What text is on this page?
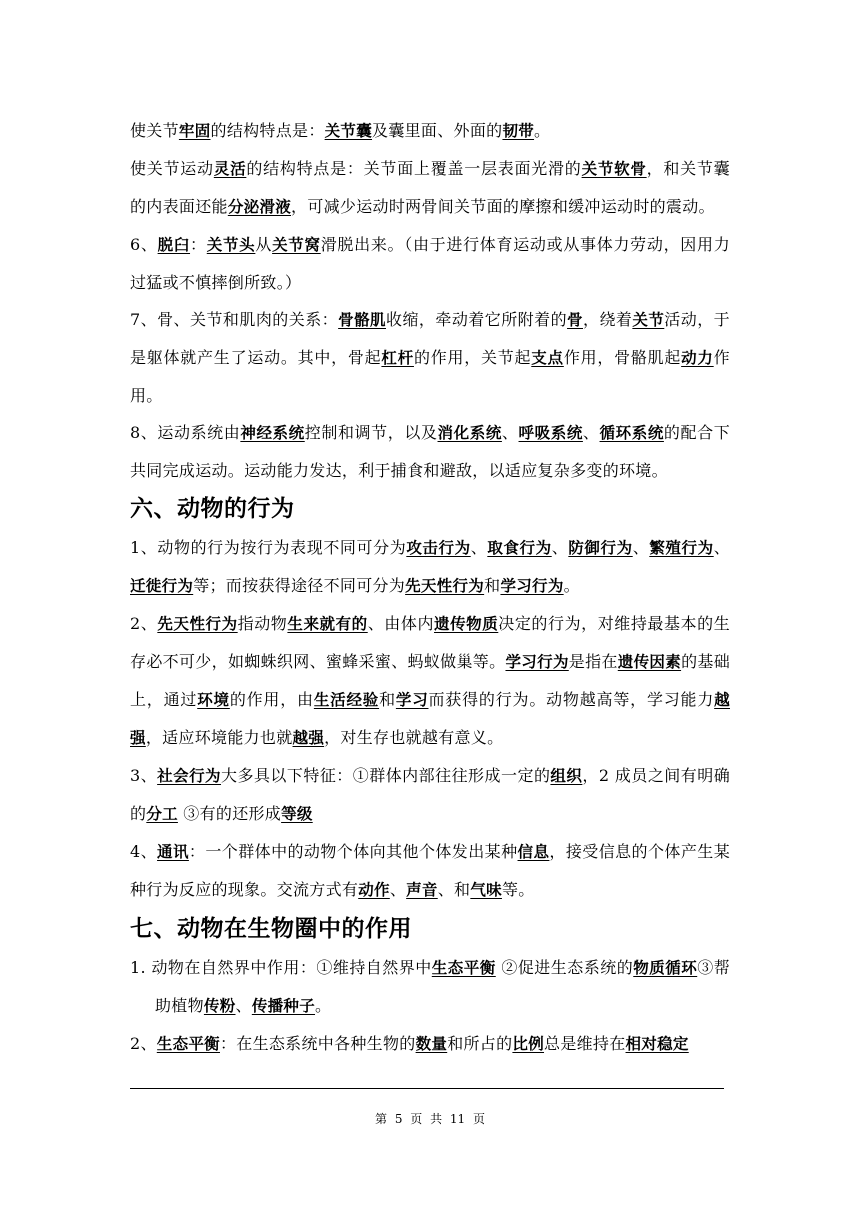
使关节牢固的结构特点是：关节囊及囊里面、外面的韧带。

使关节运动灵活的结构特点是：关节面上覆盖一层表面光滑的关节软骨，和关节囊的内表面还能分泌滑液，可减少运动时两骨间关节面的摩擦和缓冲运动时的震动。

6、脱臼：关节头从关节窝滑脱出来。（由于进行体育运动或从事体力劳动，因用力过猛或不慎摔倒所致。）

7、骨、关节和肌肉的关系：骨骼肌收缩，牵动着它所附着的骨，绕着关节活动，于是躯体就产生了运动。其中，骨起杠杆的作用，关节起支点作用，骨骼肌起动力作用。

8、运动系统由神经系统控制和调节，以及消化系统、呼吸系统、循环系统的配合下共同完成运动。运动能力发达，利于捕食和避敌，以适应复杂多变的环境。

六、动物的行为

1、动物的行为按行为表现不同可分为攻击行为、取食行为、防御行为、繁殖行为、迁徙行为等；而按获得途径不同可分为先天性行为和学习行为。

2、先天性行为指动物生来就有的、由体内遗传物质决定的行为，对维持最基本的生存必不可少，如蜘蛛织网、蜜蜂采蜜、蚂蚁做巢等。学习行为是指在遗传因素的基础上，通过环境的作用，由生活经验和学习而获得的行为。动物越高等，学习能力越强，适应环境能力也就越强，对生存也就越有意义。

3、社会行为大多具以下特征：①群体内部往往形成一定的组织，2 成员之间有明确的分工 ③有的还形成等级

4、通讯：一个群体中的动物个体向其他个体发出某种信息，接受信息的个体产生某种行为反应的现象。交流方式有动作、声音、和气味等。

七、动物在生物圈中的作用

1. 动物在自然界中作用：①维持自然界中生态平衡 ②促进生态系统的物质循环③帮助植物传粉、传播种子。

2、生态平衡：在生态系统中各种生物的数量和所占的比例总是维持在相对稳定

第 5 页 共 11 页
